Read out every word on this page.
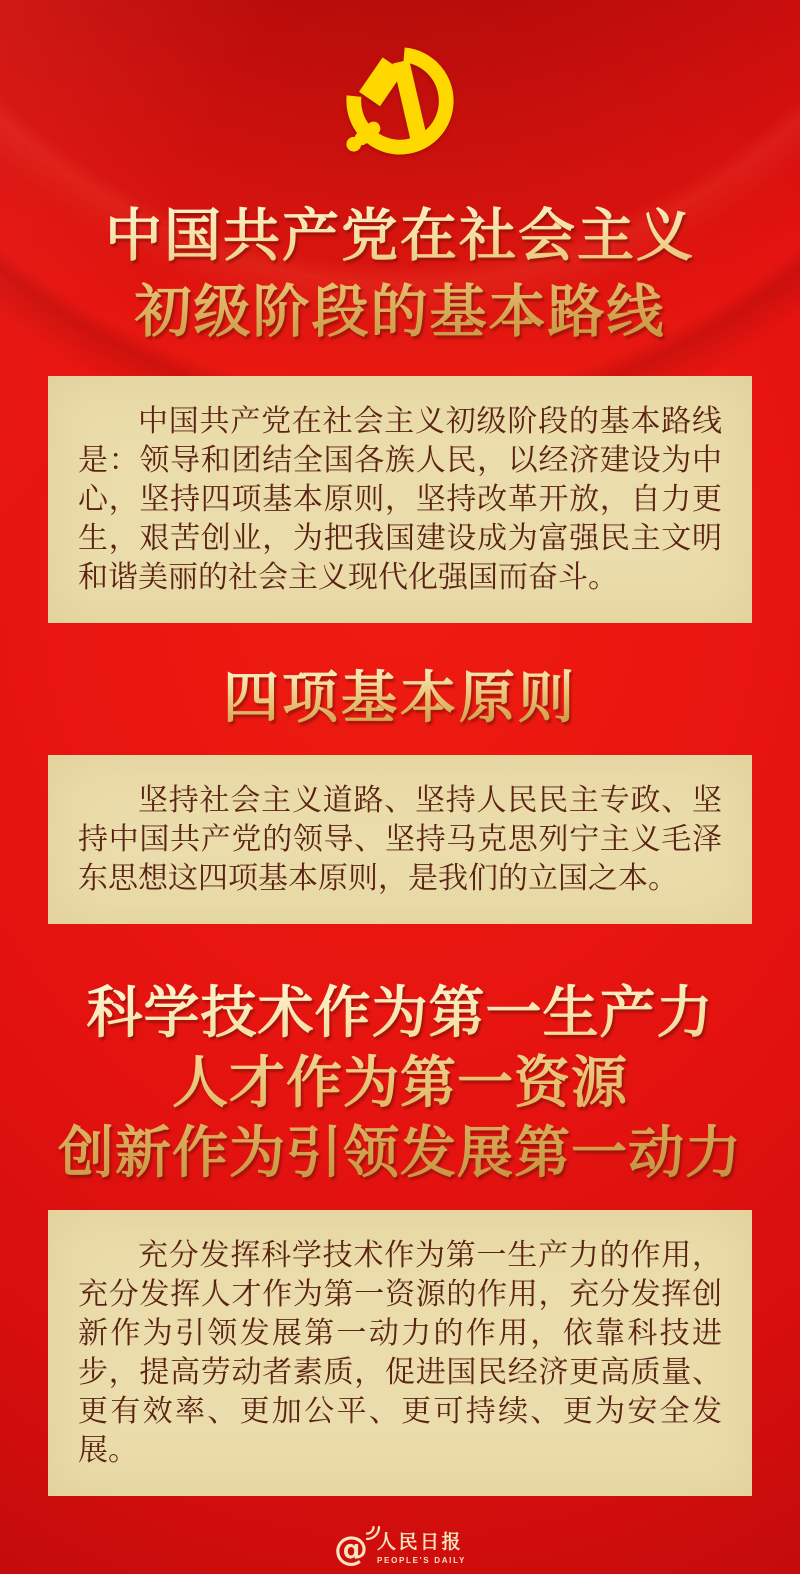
中国共产党在社会主义
初级阶段的基本路线

中国共产党在社会主义初级阶段的基本路线是：领导和团结全国各族人民，以经济建设为中心，坚持四项基本原则，坚持改革开放，自力更生，艰苦创业，为把我国建设成为富强民主文明和谐美丽的社会主义现代化强国而奋斗。

四项基本原则

坚持社会主义道路、坚持人民民主专政、坚持中国共产党的领导、坚持马克思列宁主义毛泽东思想这四项基本原则，是我们的立国之本。

科学技术作为第一生产力
人才作为第一资源
创新作为引领发展第一动力

充分发挥科学技术作为第一生产力的作用，充分发挥人才作为第一资源的作用，充分发挥创新作为引领发展第一动力的作用，依靠科技进步，提高劳动者素质，促进国民经济更高质量、更有效率、更加公平、更可持续、更为安全发展。

@ 人民日报
PEOPLE'S DAILY
